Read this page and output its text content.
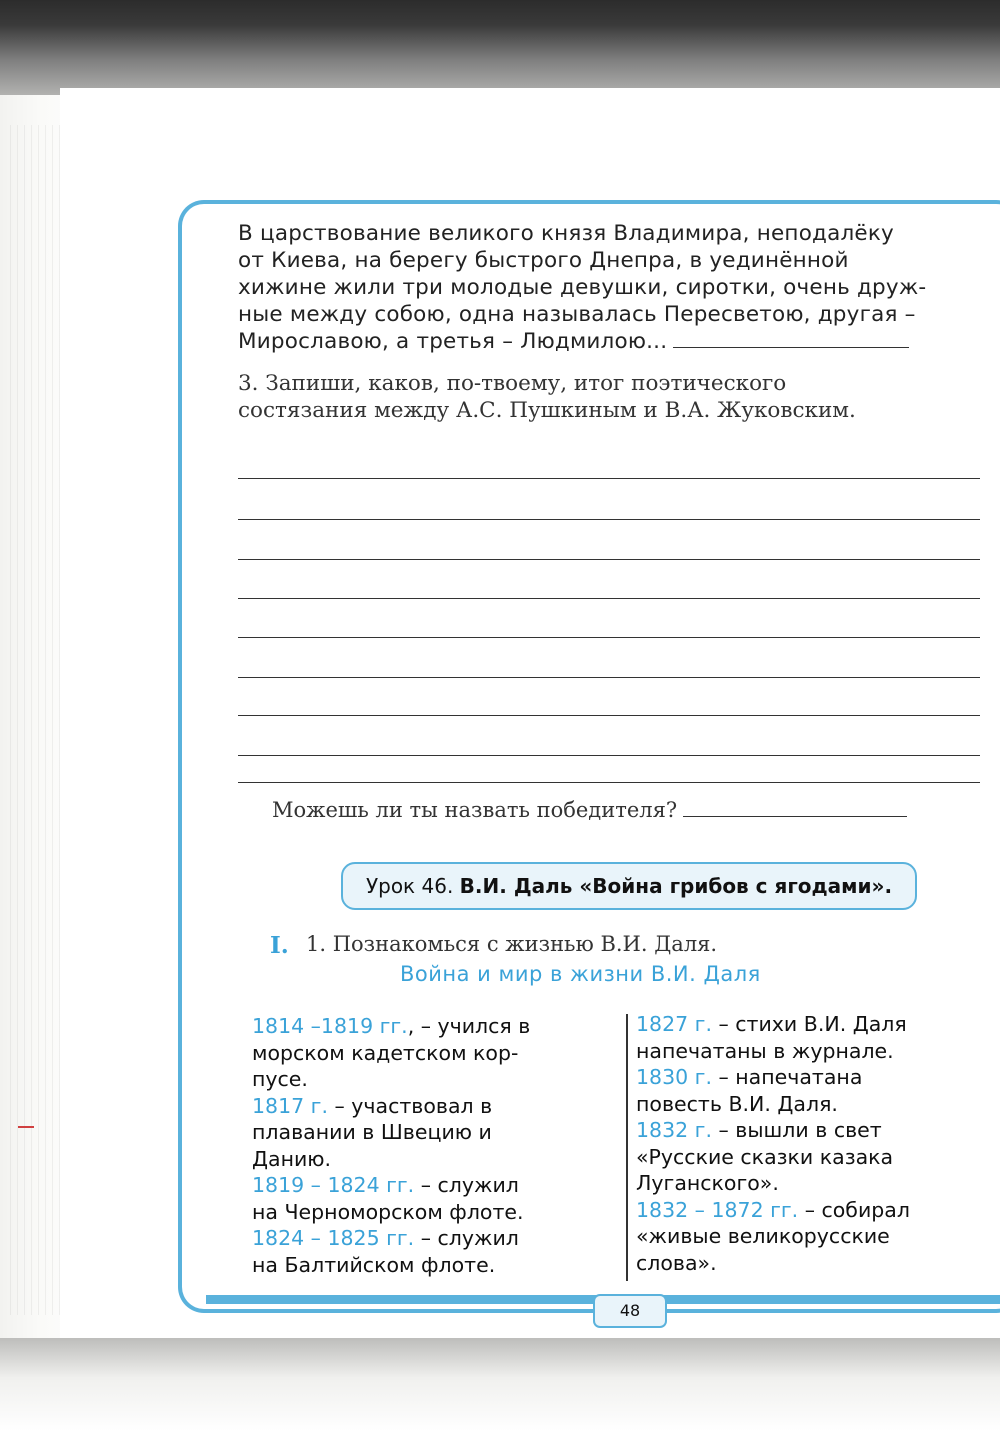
В царствование великого князя Владимира, неподалёку
от Киева, на берегу быстрого Днепра, в уединённой
хижине жили три молодые девушки, сиротки, очень друж-
ные между собою, одна называлась Пересветою, другая –
Мирославою, а третья – Людмилою...
3. Запиши, каков, по-твоему, итог поэтического
состязания между А.С. Пушкиным и В.А. Жуковским.
Можешь ли ты назвать победителя?
Урок 46. В.И. Даль «Война грибов с ягодами».
I. 1. Познакомься с жизнью В.И. Даля.
Война и мир в жизни В.И. Даля
1814 –1819 гг., – учился в
морском кадетском кор-
пусе.
1817 г. – участвовал в
плавании в Швецию и
Данию.
1819 – 1824 гг. – служил
на Черноморском флоте.
1824 – 1825 гг. – служил
на Балтийском флоте.
1827 г. – стихи В.И. Даля
напечатаны в журнале.
1830 г. – напечатана
повесть В.И. Даля.
1832 г. – вышли в свет
«Русские сказки казака
Луганского».
1832 – 1872 гг. – собирал
«живые великорусские
слова».
48
